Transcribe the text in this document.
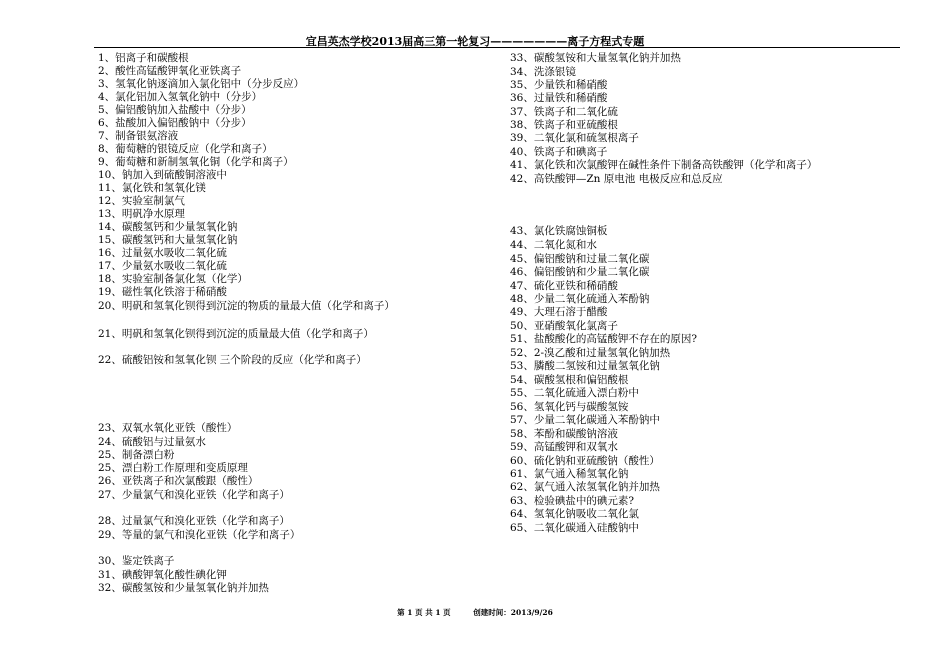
宜昌英杰学校2013届高三第一轮复习———————离子方程式专题
1、铝离子和碳酸根
2、酸性高锰酸钾氧化亚铁离子
3、氢氧化钠逐滴加入氯化铝中（分步反应）
4、氯化铝加入氢氧化钠中（分步）
5、偏铝酸钠加入盐酸中（分步）
6、盐酸加入偏铝酸钠中（分步）
7、制备银氨溶液
8、葡萄糖的银镜反应（化学和离子）
9、葡萄糖和新制氢氧化铜（化学和离子）
10、钠加入到硫酸铜溶液中
11、氯化铁和氢氧化镁
12、实验室制氯气
13、明矾净水原理
14、碳酸氢钙和少量氢氧化钠
15、碳酸氢钙和大量氢氧化钠
16、过量氨水吸收二氧化硫
17、少量氨水吸收二氧化硫
18、实验室制备氯化氢（化学）
19、磁性氧化铁溶于稀硝酸
20、明矾和氢氧化钡得到沉淀的物质的量最大值（化学和离子）
21、明矾和氢氧化钡得到沉淀的质量最大值（化学和离子）
22、硫酸铝铵和氢氧化钡 三个阶段的反应（化学和离子）
23、双氧水氧化亚铁（酸性）
24、硫酸铝与过量氨水
25、制备漂白粉
25、漂白粉工作原理和变质原理
26、亚铁离子和次氯酸跟（酸性）
27、少量氯气和溴化亚铁（化学和离子）
28、过量氯气和溴化亚铁（化学和离子）
29、等量的氯气和溴化亚铁（化学和离子）
30、鉴定铁离子
31、碘酸钾氧化酸性碘化钾
32、碳酸氢铵和少量氢氧化钠并加热
33、碳酸氢铵和大量氢氧化钠并加热
34、洗涤银镜
35、少量铁和稀硝酸
36、过量铁和稀硝酸
37、铁离子和二氧化硫
38、铁离子和亚硫酸根
39、二氧化氯和硫氢根离子
40、铁离子和碘离子
41、氯化铁和次氯酸钾在碱性条件下制备高铁酸钾（化学和离子）
42、高铁酸钾—Zn 原电池 电极反应和总反应
43、氯化铁腐蚀铜板
44、二氧化氮和水
45、偏铝酸钠和过量二氧化碳
46、偏铝酸钠和少量二氧化碳
47、硫化亚铁和稀硝酸
48、少量二氧化硫通入苯酚钠
49、大理石溶于醋酸
50、亚硝酸氧化氯离子
51、盐酸酸化的高锰酸钾不存在的原因?
52、2-溴乙酸和过量氢氧化钠加热
53、膦酸二氢铵和过量氢氧化钠
54、碳酸氢根和偏铝酸根
55、二氧化硫通入漂白粉中
56、氢氧化钙与碳酸氢铵
57、少量二氧化碳通入苯酚钠中
58、苯酚和碳酸钠溶液
59、高锰酸钾和双氧水
60、硫化钠和亚硫酸钠（酸性）
61、氯气通入稀氢氧化钠
62、氯气通入浓氢氧化钠并加热
63、检验碘盐中的碘元素?
64、氢氧化钠吸收二氧化氯
65、二氧化碳通入硅酸钠中
第 1 页 共 1 页	创建时间：2013/9/26
